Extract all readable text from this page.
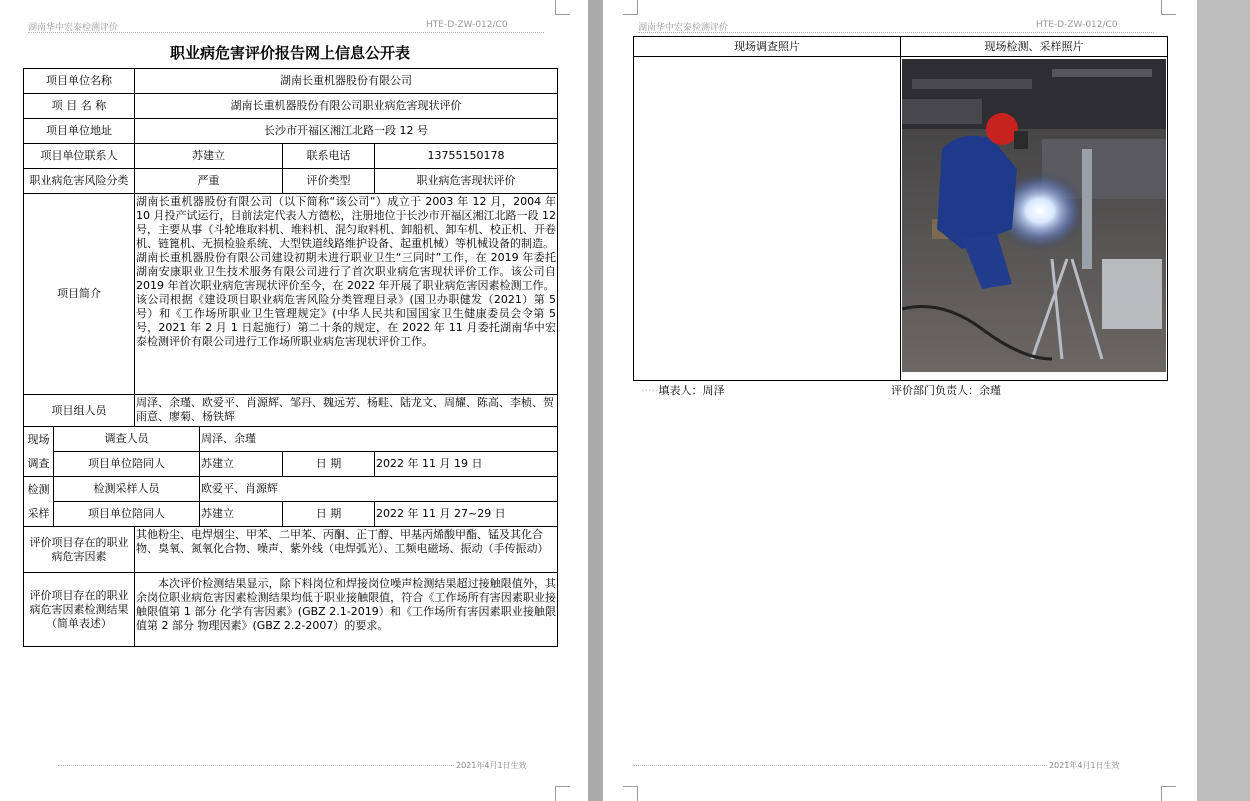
湖南华中宏泰检测评价	HTE-D-ZW-012/C0
职业病危害评价报告网上信息公开表
项目单位名称		湖南长重机器股份有限公司			
项 目 名 称		湖南长重机器股份有限公司职业病危害现状评价			
项目单位地址		长沙市开福区湘江北路一段 12 号			
项目单位联系人		苏建立		联系电话	13755150178
职业病危害风险分类		严重		评价类型	职业病危害现状评价
项目简介		湖南长重机器股份有限公司（以下简称“该公司”）成立于 2003 年 12 月，2004 年 10 月投产试运行，目前法定代表人方德松，注册地位于长沙市开福区湘江北路一段 12 号，主要从事（斗轮堆取料机、堆料机、混匀取料机、卸船机、卸车机、校正机、开卷机、链篦机、无损检验系统、大型铁道线路维护设备、起重机械）等机械设备的制造。

湖南长重机器股份有限公司建设初期未进行职业卫生“三同时”工作，在 2019 年委托湖南安康职业卫生技术服务有限公司进行了首次职业病危害现状评价工作。该公司自 2019 年首次职业病危害现状评价至今，在 2022 年开展了职业病危害因素检测工作。

该公司根据《建设项目职业病危害风险分类管理目录》(国卫办职健发（2021）第 5 号）和《工作场所职业卫生管理规定》(中华人民共和国国家卫生健康委员会令第 5 号，2021 年 2 月 1 日起施行）第二十条的规定，在 2022 年 11 月委托湖南华中宏泰检测评价有限公司进行工作场所职业病危害现状评价工作。			

项目组人员		周泽、余瑾、欧爱平、肖源辉、邹丹、魏远芳、杨畦、陆龙文、周耀、陈高、李桢、贺雨意、廖菊、杨铁辉			

现场
调查	调查人员		周泽、余瑾		
	项目单位陪同人		苏建立	日 期	2022 年 11 月 19 日

检测
采样	检测采样人员		欧爱平、肖源辉		
	项目单位陪同人		苏建立	日 期	2022 年 11 月 27~29 日
评价项目存在的职业病危害因素		其他粉尘、电焊烟尘、甲苯、二甲苯、丙酮、正丁醇、甲基丙烯酸甲酯、锰及其化合物、臭氧、氮氧化合物、噪声、紫外线（电焊弧光）、工频电磁场、振动（手传振动）			
评价项目存在的职业病危害因素检测结果（简单表述）		本次评价检测结果显示，除下料岗位和焊接岗位噪声检测结果超过接触限值外，其余岗位职业病危害因素检测结果均低于职业接触限值，符合《工作场所有害因素职业接触限值第 1 部分 化学有害因素》(GBZ 2.1-2019）和《工作场所有害因素职业接触限值第 2 部分 物理因素》(GBZ 2.2-2007）的要求。			

2021年4月1日生效
湖南华中宏泰检测评价	HTE-D-ZW-012/C0
现场调查照片	现场检测、采样照片

·····填表人：周泽	评价部门负责人：余瑾
2021年4月1日生效
